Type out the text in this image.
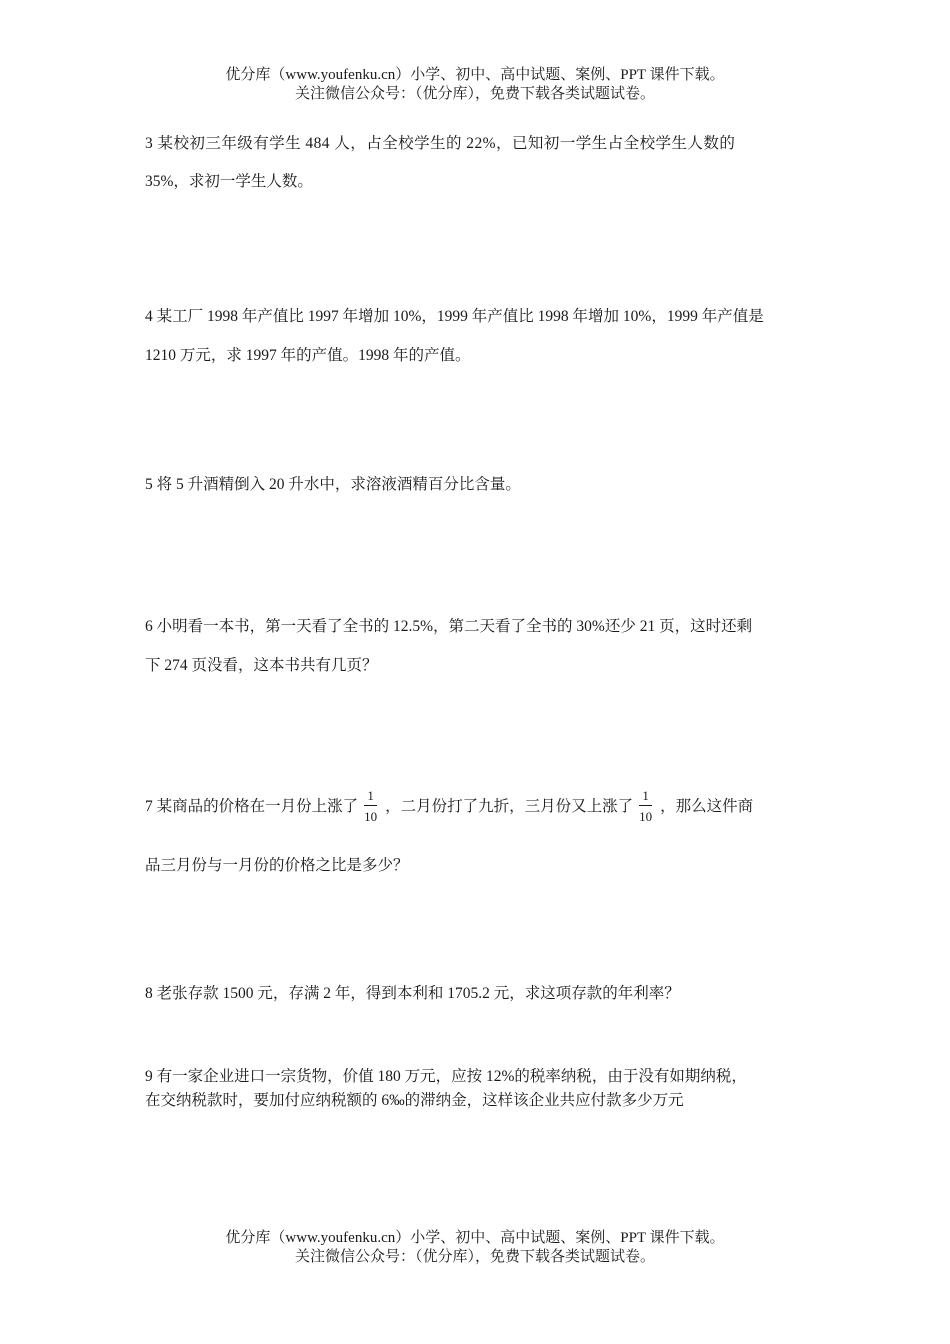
优分库（www.youfenku.cn）小学、初中、高中试题、案例、PPT 课件下载。
关注微信公众号：（优分库），免费下载各类试题试卷。

3 某校初三年级有学生 484 人，占全校学生的 22%，已知初一学生占全校学生人数的

35%，求初一学生人数。

4 某工厂 1998 年产值比 1997 年增加 10%，1999 年产值比 1998 年增加 10%，1999 年产值是

1210 万元，求 1997 年的产值。1998 年的产值。

5 将 5 升酒精倒入 20 升水中，求溶液酒精百分比含量。

6 小明看一本书，第一天看了全书的 12.5%，第二天看了全书的 30%还少 21 页，这时还剩

下 274 页没看，这本书共有几页？

7 某商品的价格在一月份上涨了 $\frac{1}{10}$ ，二月份打了九折，三月份又上涨了 $\frac{1}{10}$ ，那么这件商

品三月份与一月份的价格之比是多少？

8 老张存款 1500 元，存满 2 年，得到本利和 1705.2 元，求这项存款的年利率？

9 有一家企业进口一宗货物，价值 180 万元，应按 12%的税率纳税，由于没有如期纳税，

在交纳税款时，要加付应纳税额的 6‰的滞纳金，这样该企业共应付款多少万元

优分库（www.youfenku.cn）小学、初中、高中试题、案例、PPT 课件下载。
关注微信公众号：（优分库），免费下载各类试题试卷。
